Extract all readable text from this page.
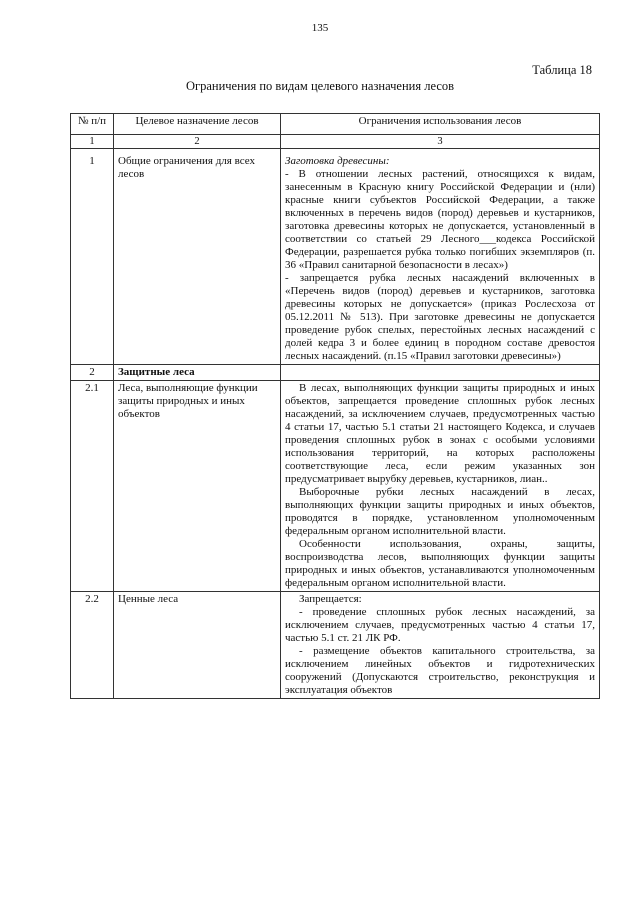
135
Таблица 18
Ограничения по видам целевого назначения лесов
№ п/п	Целевое назначение лесов	Ограничения использования лесов
1	2	3
1	Общие ограничения для всех лесов	Заготовка древесины:

- В отношении лесных растений, относящихся к видам, занесенным в Красную книгу Российской Федерации и (нли) красные книги субъектов Российской Федерации, а также включенных в перечень видов (пород) деревьев и кустарников, заготовка древесины которых не допускается, установленный в соответствии со статьей 29 Лесного___кодекса Российской Федерации, разрешается рубка только погибших экземпляров (п. 36 «Правил санитарной безопасности в лесах»)

- запрещается рубка лесных насаждений включенных в «Перечень видов (пород) деревьев и кустарников, заготовка древесины которых не допускается» (приказ Рослесхоза от 05.12.2011 № 513). При заготовке древесины не допускается проведение рубок спелых, перестойных лесных насаждений с долей кедра 3 и более единиц в породном составе древостоя лесных насаждений. (п.15 «Правил заготовки древесины»)

2	Защитные леса	
2.1	Леса, выполняющие функции защиты природных и иных объектов	В лесах, выполняющих функции защиты природных и иных объектов, запрещается проведение сплошных рубок лесных насаждений, за исключением случаев, предусмотренных частью 4 статьи 17, частью 5.1 статьи 21 настоящего Кодекса, и случаев проведения сплошных рубок в зонах с особыми условиями использования территорий, на которых расположены соответствующие леса, если режим указанных зон предусматривает вырубку деревьев, кустарников, лиан..

Выборочные рубки лесных насаждений в лесах, выполняющих функции защиты природных и иных объектов, проводятся в порядке, установленном уполномоченным федеральным органом исполнительной власти.

Особенности использования, охраны, защиты, воспроизводства лесов, выполняющих функции защиты природных и иных объектов, устанавливаются уполномоченным федеральным органом исполнительной власти.

2.2	Ценные леса	Запрещается:

- проведение сплошных рубок лесных насаждений, за исключением случаев, предусмотренных частью 4 статьи 17, частью 5.1 ст. 21 ЛК РФ.

- размещение объектов капитального строительства, за исключением линейных объектов и гидротехнических сооружений (Допускаются строительство, реконструкция и эксплуатация объектов
